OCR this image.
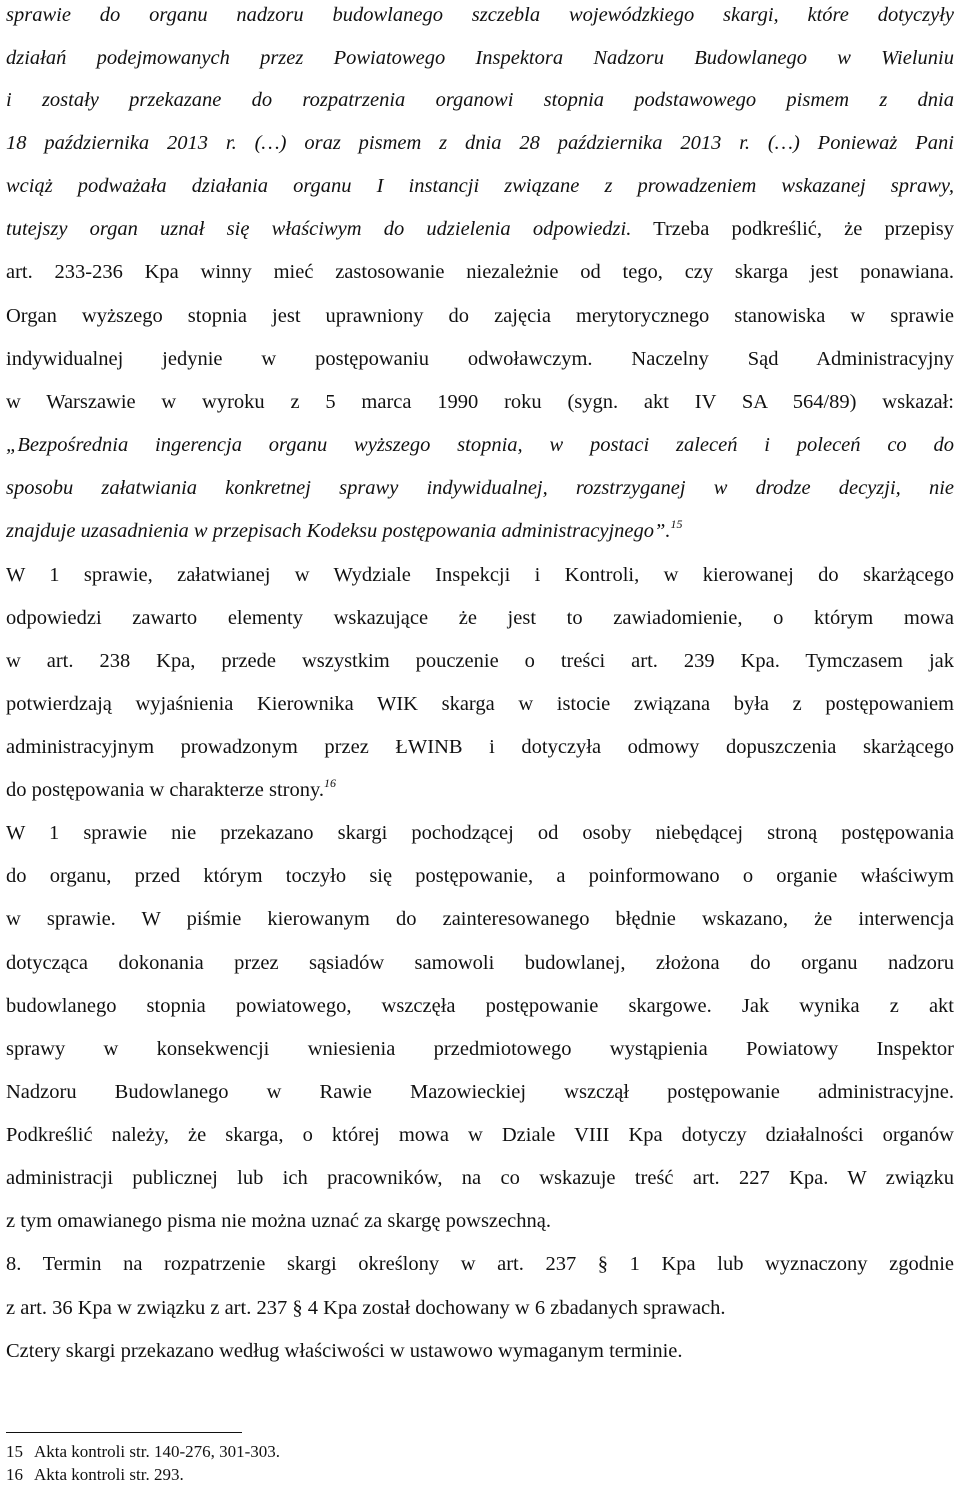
sprawie do organu nadzoru budowlanego szczebla wojewódzkiego skargi, które dotyczyły
działań podejmowanych przez Powiatowego Inspektora Nadzoru Budowlanego w Wieluniu
i zostały przekazane do rozpatrzenia organowi stopnia podstawowego pismem z dnia
18 października 2013 r. (…) oraz pismem z dnia 28 października 2013 r. (…) Ponieważ Pani
wciąż podważała działania organu I instancji związane z prowadzeniem wskazanej sprawy,
tutejszy organ uznał się właściwym do udzielenia odpowiedzi. Trzeba podkreślić, że przepisy
art. 233-236 Kpa winny mieć zastosowanie niezależnie od tego, czy skarga jest ponawiana.
Organ wyższego stopnia jest uprawniony do zajęcia merytorycznego stanowiska w sprawie
indywidualnej jedynie w postępowaniu odwoławczym. Naczelny Sąd Administracyjny
w Warszawie w wyroku z 5 marca 1990 roku (sygn. akt IV SA 564/89) wskazał:
„Bezpośrednia ingerencja organu wyższego stopnia, w postaci zaleceń i poleceń co do
sposobu załatwiania konkretnej sprawy indywidualnej, rozstrzyganej w drodze decyzji, nie
znajduje uzasadnienia w przepisach Kodeksu postępowania administracyjnego”.$^{15}$
W 1 sprawie, załatwianej w Wydziale Inspekcji i Kontroli, w kierowanej do skarżącego
odpowiedzi zawarto elementy wskazujące że jest to zawiadomienie, o którym mowa
w art. 238 Kpa, przede wszystkim pouczenie o treści art. 239 Kpa. Tymczasem jak
potwierdzają wyjaśnienia Kierownika WIK skarga w istocie związana była z postępowaniem
administracyjnym prowadzonym przez ŁWINB i dotyczyła odmowy dopuszczenia skarżącego
do postępowania w charakterze strony.$^{16}$
W 1 sprawie nie przekazano skargi pochodzącej od osoby niebędącej stroną postępowania
do organu, przed którym toczyło się postępowanie, a poinformowano o organie właściwym
w sprawie. W piśmie kierowanym do zainteresowanego błędnie wskazano, że interwencja
dotycząca dokonania przez sąsiadów samowoli budowlanej, złożona do organu nadzoru
budowlanego stopnia powiatowego, wszczęła postępowanie skargowe. Jak wynika z akt
sprawy w konsekwencji wniesienia przedmiotowego wystąpienia Powiatowy Inspektor
Nadzoru Budowlanego w Rawie Mazowieckiej wszczął postępowanie administracyjne.
Podkreślić należy, że skarga, o której mowa w Dziale VIII Kpa dotyczy działalności organów
administracji publicznej lub ich pracowników, na co wskazuje treść art. 227 Kpa. W związku
z tym omawianego pisma nie można uznać za skargę powszechną.
8. Termin na rozpatrzenie skargi określony w art. 237 § 1 Kpa lub wyznaczony zgodnie
z art. 36 Kpa w związku z art. 237 § 4 Kpa został dochowany w 6 zbadanych sprawach.
Cztery skargi przekazano według właściwości w ustawowo wymaganym terminie.
15 Akta kontroli str. 140-276, 301-303.
16 Akta kontroli str. 293.
